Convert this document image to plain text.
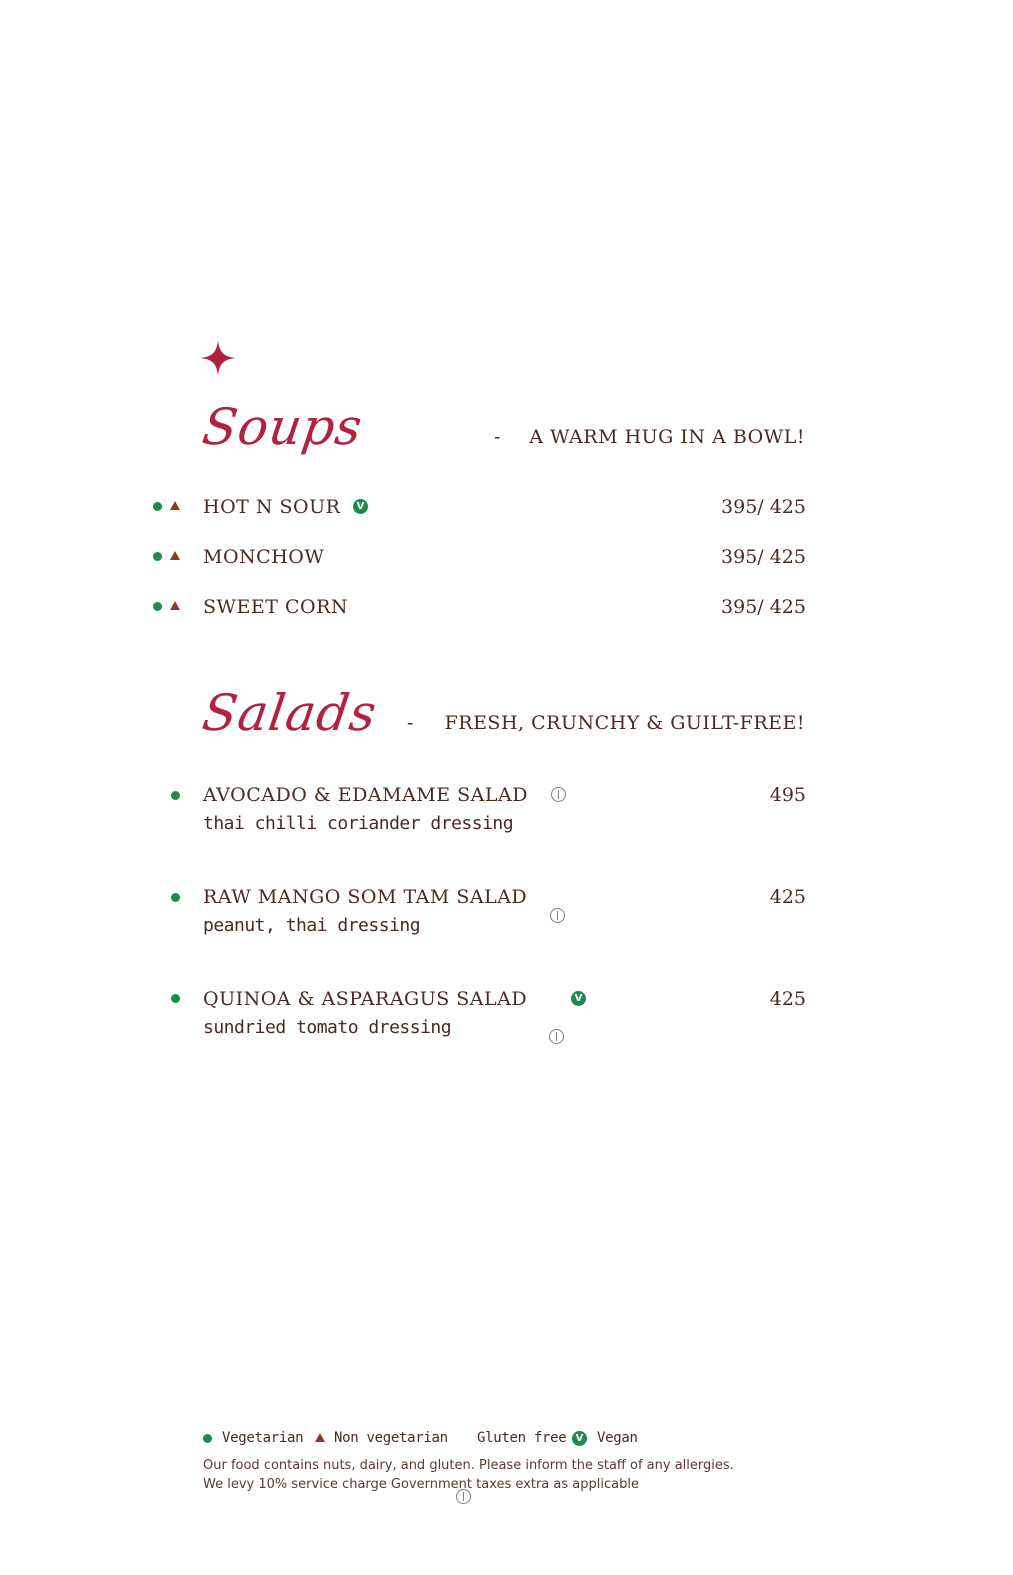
Soups	- A WARM HUG IN A BOWL!
HOT N SOUR	V	395/ 425
MONCHOW	395/ 425
SWEET CORN	395/ 425
Salads - FRESH, CRUNCHY & GUILT-FREE!
AVOCADO & EDAMAME SALAD	495
thai chilli coriander dressing
RAW MANGO SOM TAM SALAD	425
peanut, thai dressing
QUINOA & ASPARAGUS SALAD	V	425
sundried tomato dressing
Vegetarian Non vegetarian Gluten free V Vegan
Our food contains nuts, dairy, and gluten. Please inform the staff of any allergies.
We levy 10% service charge Government taxes extra as applicable
